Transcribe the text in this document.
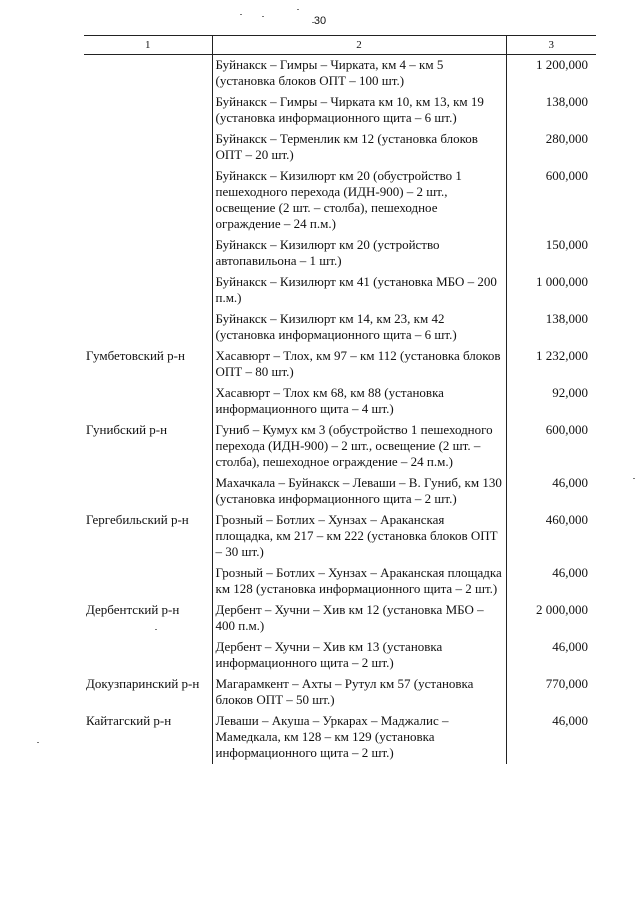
30
1	2	3
	Буйнакск – Гимры – Чиркатa, км 4 – км 5 (установка блоков ОПТ – 100 шт.)	1 200,000
	Буйнакск – Гимры – Чиркатa км 10, км 13, км 19 (установка информационного щита – 6 шт.)	138,000
	Буйнакск – Терменлик км 12 (установка блоков ОПТ – 20 шт.)	280,000
	Буйнакск – Кизилюрт км 20 (обустройство 1 пешеходного перехода (ИДН-900) – 2 шт., освещение (2 шт. – столба), пешеходное ограждение – 24 п.м.)	600,000
	Буйнакск – Кизилюрт км 20 (устройство автопавильона – 1 шт.)	150,000
	Буйнакск – Кизилюрт км 41 (установка МБО – 200 п.м.)	1 000,000
	Буйнакск – Кизилюрт км 14, км 23, км 42 (установка информационного щита – 6 шт.)	138,000
Гумбетовский р-н	Хасавюрт – Тлох, км 97 – км 112 (установка блоков ОПТ – 80 шт.)	1 232,000
	Хасавюрт – Тлох км 68, км 88 (установка информационного щита – 4 шт.)	92,000
Гунибский р-н	Гуниб – Кумух км 3 (обустройство 1 пешеходного перехода (ИДН-900) – 2 шт., освещение (2 шт. – столба), пешеходное ограждение – 24 п.м.)	600,000
	Махачкала – Буйнакск – Леваши – В. Гуниб, км 130 (установка информационного щита – 2 шт.)	46,000
Гергебильский р-н	Грозный – Ботлих – Хунзах – Араканская площадка, км 217 – км 222 (установка блоков ОПТ – 30 шт.)	460,000
	Грозный – Ботлих – Хунзах – Араканская площадка км 128 (установка информационного щита – 2 шт.)	46,000
Дербентский р-н	Дербент – Хучни – Хив км 12 (установка МБО – 400 п.м.)	2 000,000
	Дербент – Хучни – Хив км 13 (установка информационного щита – 2 шт.)	46,000
Докузпаринский р-н	Магарамкент – Ахты – Рутул км 57 (установка блоков ОПТ – 50 шт.)	770,000
Кайтагский р-н	Леваши – Акуша – Уркарах – Маджалис – Мамедкала, км 128 – км 129 (установка информационного щита – 2 шт.)	46,000
